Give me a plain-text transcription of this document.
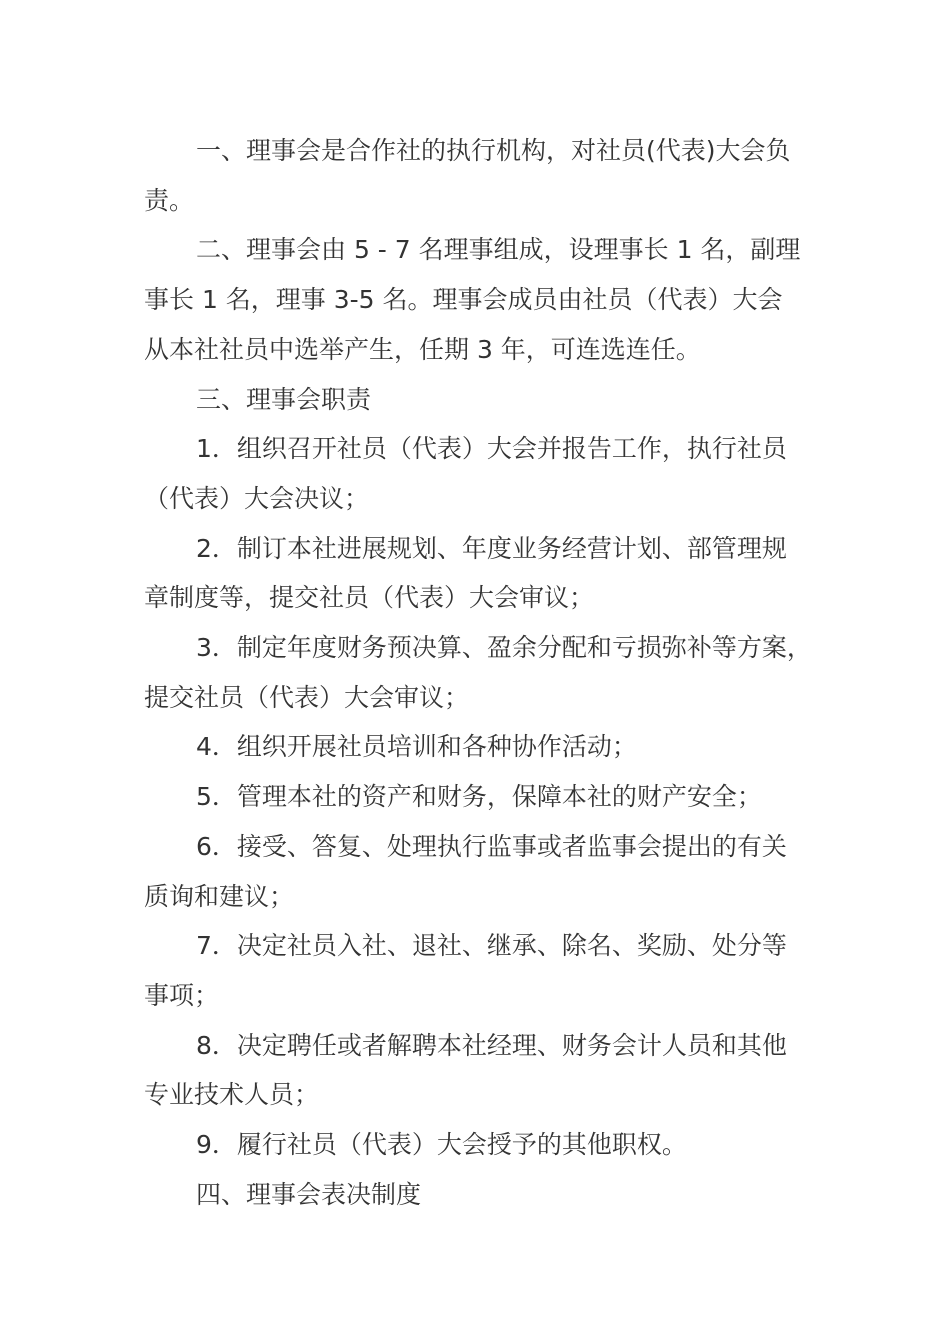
一、理事会是合作社的执行机构，对社员(代表)大会负
责。
二、理事会由 5 - 7 名理事组成，设理事长 1 名，副理
事长 1 名，理事 3-5 名。理事会成员由社员（代表）大会
从本社社员中选举产生，任期 3 年，可连选连任。
三、理事会职责
1．组织召开社员（代表）大会并报告工作，执行社员
（代表）大会决议；
2．制订本社进展规划、年度业务经营计划、部管理规
章制度等，提交社员（代表）大会审议；
3．制定年度财务预决算、盈余分配和亏损弥补等方案，
提交社员（代表）大会审议；
4．组织开展社员培训和各种协作活动；
5．管理本社的资产和财务，保障本社的财产安全；
6．接受、答复、处理执行监事或者监事会提出的有关
质询和建议；
7．决定社员入社、退社、继承、除名、奖励、处分等
事项；
8．决定聘任或者解聘本社经理、财务会计人员和其他
专业技术人员；
9．履行社员（代表）大会授予的其他职权。
四、理事会表决制度
